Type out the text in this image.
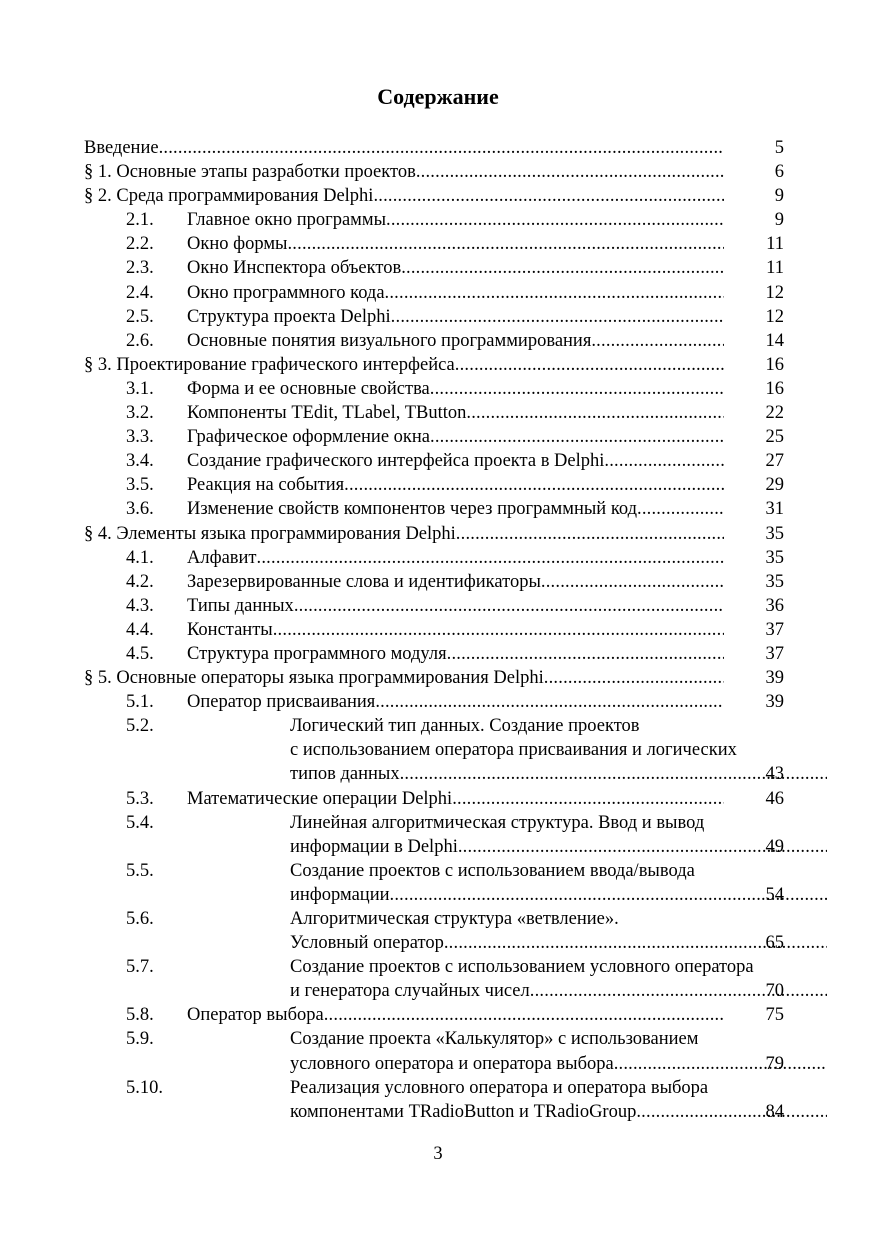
Содержание
Введение .....	5
§ 1. Основные этапы разработки проектов .....	6
§ 2. Среда программирования Delphi .....	9
2.1. Главное окно программы .....	9
2.2. Окно формы .....	11
2.3. Окно Инспектора объектов .....	11
2.4. Окно программного кода .....	12
2.5. Структура проекта Delphi .....	12
2.6. Основные понятия визуального программирования .....	14
§ 3. Проектирование графического интерфейса .....	16
3.1. Форма и ее основные свойства .....	16
3.2. Компоненты TEdit, TLabel, TButton .....	22
3.3. Графическое оформление окна .....	25
3.4. Создание графического интерфейса проекта в Delphi .....	27
3.5. Реакция на события .....	29
3.6. Изменение свойств компонентов через программный код .....	31
§ 4. Элементы языка программирования Delphi .....	35
4.1. Алфавит .....	35
4.2. Зарезервированные слова и идентификаторы .....	35
4.3. Типы данных .....	36
4.4. Константы .....	37
4.5. Структура программного модуля .....	37
§ 5. Основные операторы языка программирования Delphi .....	39
5.1. Оператор присваивания .....	39
5.2.	Логический тип данных. Создание проектов
с использованием оператора присваивания и логических
типов данных .....	43
5.3. Математические операции Delphi .....	46
5.4.	Линейная алгоритмическая структура. Ввод и вывод
информации в Delphi .....	49
5.5.	Создание проектов с использованием ввода/вывода
информации .....	54
5.6.	Алгоритмическая структура «ветвление».
Условный оператор .....	65
5.7.	Создание проектов с использованием условного оператора
и генератора случайных чисел .....	70
5.8. Оператор выбора .....	75
5.9.	Создание проекта «Калькулятор» с использованием
условного оператора и оператора выбора .....	79
5.10.	Реализация условного оператора и оператора выбора
компонентами TRadioButton и TRadioGroup .....	84
3
